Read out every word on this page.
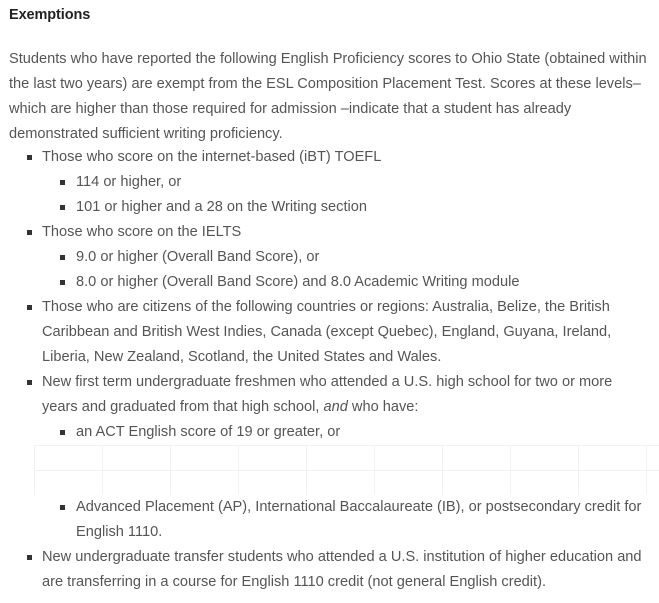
Exemptions

Students who have reported the following English Proficiency scores to Ohio State (obtained within the last two years) are exempt from the ESL Composition Placement Test. Scores at these levels–which are higher than those required for admission –indicate that a student has already demonstrated sufficient writing proficiency.

Those who score on the internet-based (iBT) TOEFL
114 or higher, or
101 or higher and a 28 on the Writing section
Those who score on the IELTS
9.0 or higher (Overall Band Score), or
8.0 or higher (Overall Band Score) and 8.0 Academic Writing module
Those who are citizens of the following countries or regions: Australia, Belize, the British Caribbean and British West Indies, Canada (except Quebec), England, Guyana, Ireland, Liberia, New Zealand, Scotland, the United States and Wales.
New first term undergraduate freshmen who attended a U.S. high school for two or more years and graduated from that high school, and who have:
an ACT English score of 19 or greater, or
Advanced Placement (AP), International Baccalaureate (IB), or postsecondary credit for English 1110.
New undergraduate transfer students who attended a U.S. institution of higher education and are transferring in a course for English 1110 credit (not general English credit).
